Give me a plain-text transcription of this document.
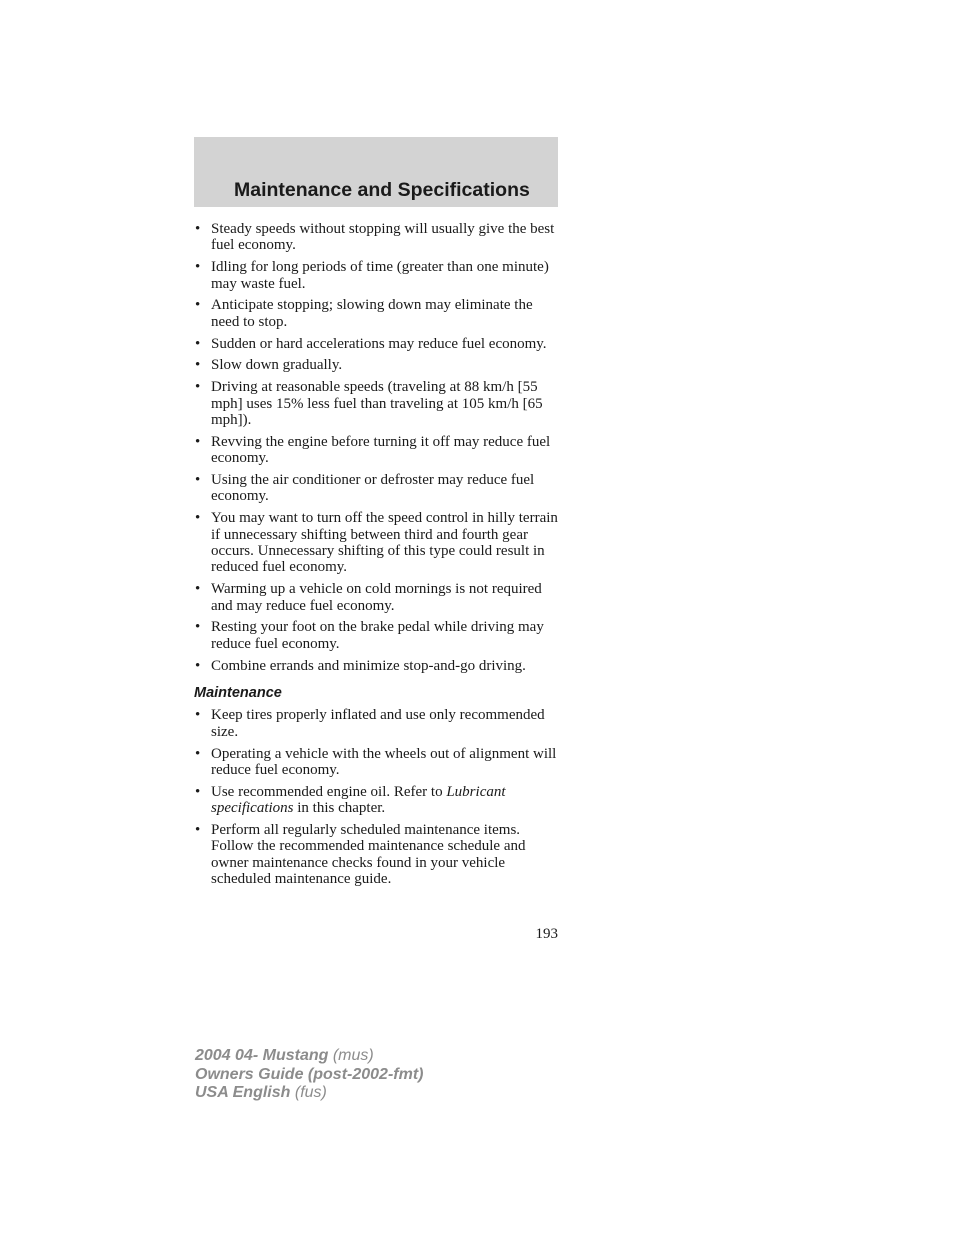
Maintenance and Specifications
• Steady speeds without stopping will usually give the best fuel economy.
• Idling for long periods of time (greater than one minute) may waste fuel.
• Anticipate stopping; slowing down may eliminate the need to stop.
• Sudden or hard accelerations may reduce fuel economy.
• Slow down gradually.
• Driving at reasonable speeds (traveling at 88 km/h [55 mph] uses 15% less fuel than traveling at 105 km/h [65 mph]).
• Revving the engine before turning it off may reduce fuel economy.
• Using the air conditioner or defroster may reduce fuel economy.
• You may want to turn off the speed control in hilly terrain if unnecessary shifting between third and fourth gear occurs. Unnecessary shifting of this type could result in reduced fuel economy.
• Warming up a vehicle on cold mornings is not required and may reduce fuel economy.
• Resting your foot on the brake pedal while driving may reduce fuel economy.
• Combine errands and minimize stop-and-go driving.
Maintenance
• Keep tires properly inflated and use only recommended size.
• Operating a vehicle with the wheels out of alignment will reduce fuel economy.
• Use recommended engine oil. Refer to Lubricant specifications in this chapter.
• Perform all regularly scheduled maintenance items. Follow the recommended maintenance schedule and owner maintenance checks found in your vehicle scheduled maintenance guide.
193
2004 04- Mustang (mus)
Owners Guide (post-2002-fmt)
USA English (fus)
